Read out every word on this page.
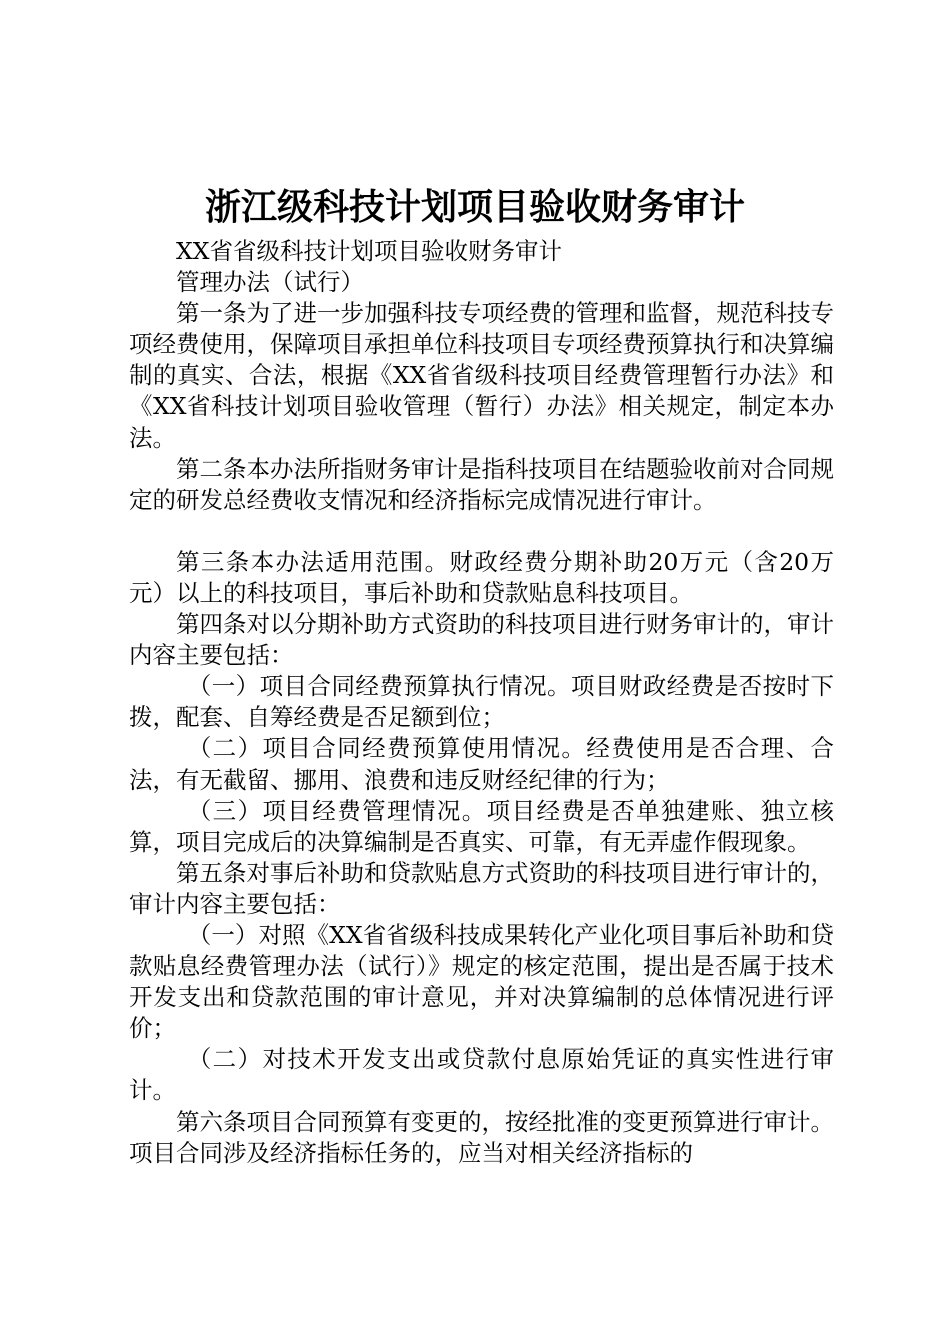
浙江级科技计划项目验收财务审计

XX省省级科技计划项目验收财务审计

管理办法（试行）

第一条为了进一步加强科技专项经费的管理和监督，规范科技专项经费使用，保障项目承担单位科技项目专项经费预算执行和决算编制的真实、合法，根据《XX省省级科技项目经费管理暂行办法》和《XX省科技计划项目验收管理（暂行）办法》相关规定，制定本办法。

第二条本办法所指财务审计是指科技项目在结题验收前对合同规定的研发总经费收支情况和经济指标完成情况进行审计。

第三条本办法适用范围。财政经费分期补助20万元（含20万元）以上的科技项目，事后补助和贷款贴息科技项目。

第四条对以分期补助方式资助的科技项目进行财务审计的，审计内容主要包括：

（一）项目合同经费预算执行情况。项目财政经费是否按时下拨，配套、自筹经费是否足额到位；

（二）项目合同经费预算使用情况。经费使用是否合理、合法，有无截留、挪用、浪费和违反财经纪律的行为；

（三）项目经费管理情况。项目经费是否单独建账、独立核算，项目完成后的决算编制是否真实、可靠，有无弄虚作假现象。

第五条对事后补助和贷款贴息方式资助的科技项目进行审计的，审计内容主要包括：

（一）对照《XX省省级科技成果转化产业化项目事后补助和贷款贴息经费管理办法（试行）》规定的核定范围，提出是否属于技术开发支出和贷款范围的审计意见，并对决算编制的总体情况进行评价；

（二）对技术开发支出或贷款付息原始凭证的真实性进行审计。

第六条项目合同预算有变更的，按经批准的变更预算进行审计。项目合同涉及经济指标任务的，应当对相关经济指标的
